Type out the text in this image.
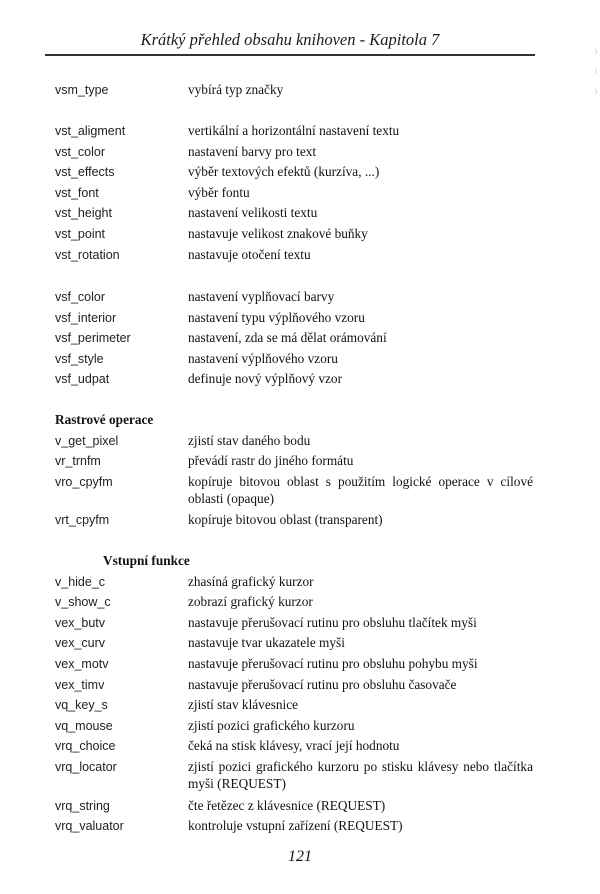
Krátký přehled obsahu knihoven - Kapitola 7
vsm_type	vybírá typ značky
vst_aligment	vertikální a horizontální nastavení textu
vst_color	nastavení barvy pro text
vst_effects	výběr textových efektů (kurzíva, ...)
vst_font	výběr fontu
vst_height	nastavení velikosti textu
vst_point	nastavuje velikost znakové buňky
vst_rotation	nastavuje otočení textu
vsf_color	nastavení vyplňovací barvy
vsf_interior	nastavení typu výplňového vzoru
vsf_perimeter	nastavení, zda se má dělat orámování
vsf_style	nastavení výplňového vzoru
vsf_udpat	definuje nový výplňový vzor
Rastrové operace
v_get_pixel	zjistí stav daného bodu
vr_trnfm	převádí rastr do jiného formátu
vro_cpyfm	kopíruje bitovou oblast s použitím logické operace v cílové oblasti (opaque)
vrt_cpyfm	kopíruje bitovou oblast (transparent)
Vstupní funkce
v_hide_c	zhasíná grafický kurzor
v_show_c	zobrazí grafický kurzor
vex_butv	nastavuje přerušovací rutinu pro obsluhu tlačítek myši
vex_curv	nastavuje tvar ukazatele myši
vex_motv	nastavuje přerušovací rutinu pro obsluhu pohybu myši
vex_timv	nastavuje přerušovací rutinu pro obsluhu časovače
vq_key_s	zjistí stav klávesnice
vq_mouse	zjistí pozici grafického kurzoru
vrq_choice	čeká na stisk klávesy, vrací její hodnotu
vrq_locator	zjistí pozici grafického kurzoru po stisku klávesy nebo tlačítka myši (REQUEST)
vrq_string	čte řetězec z klávesnice (REQUEST)
vrq_valuator	kontroluje vstupní zařízení (REQUEST)
121
